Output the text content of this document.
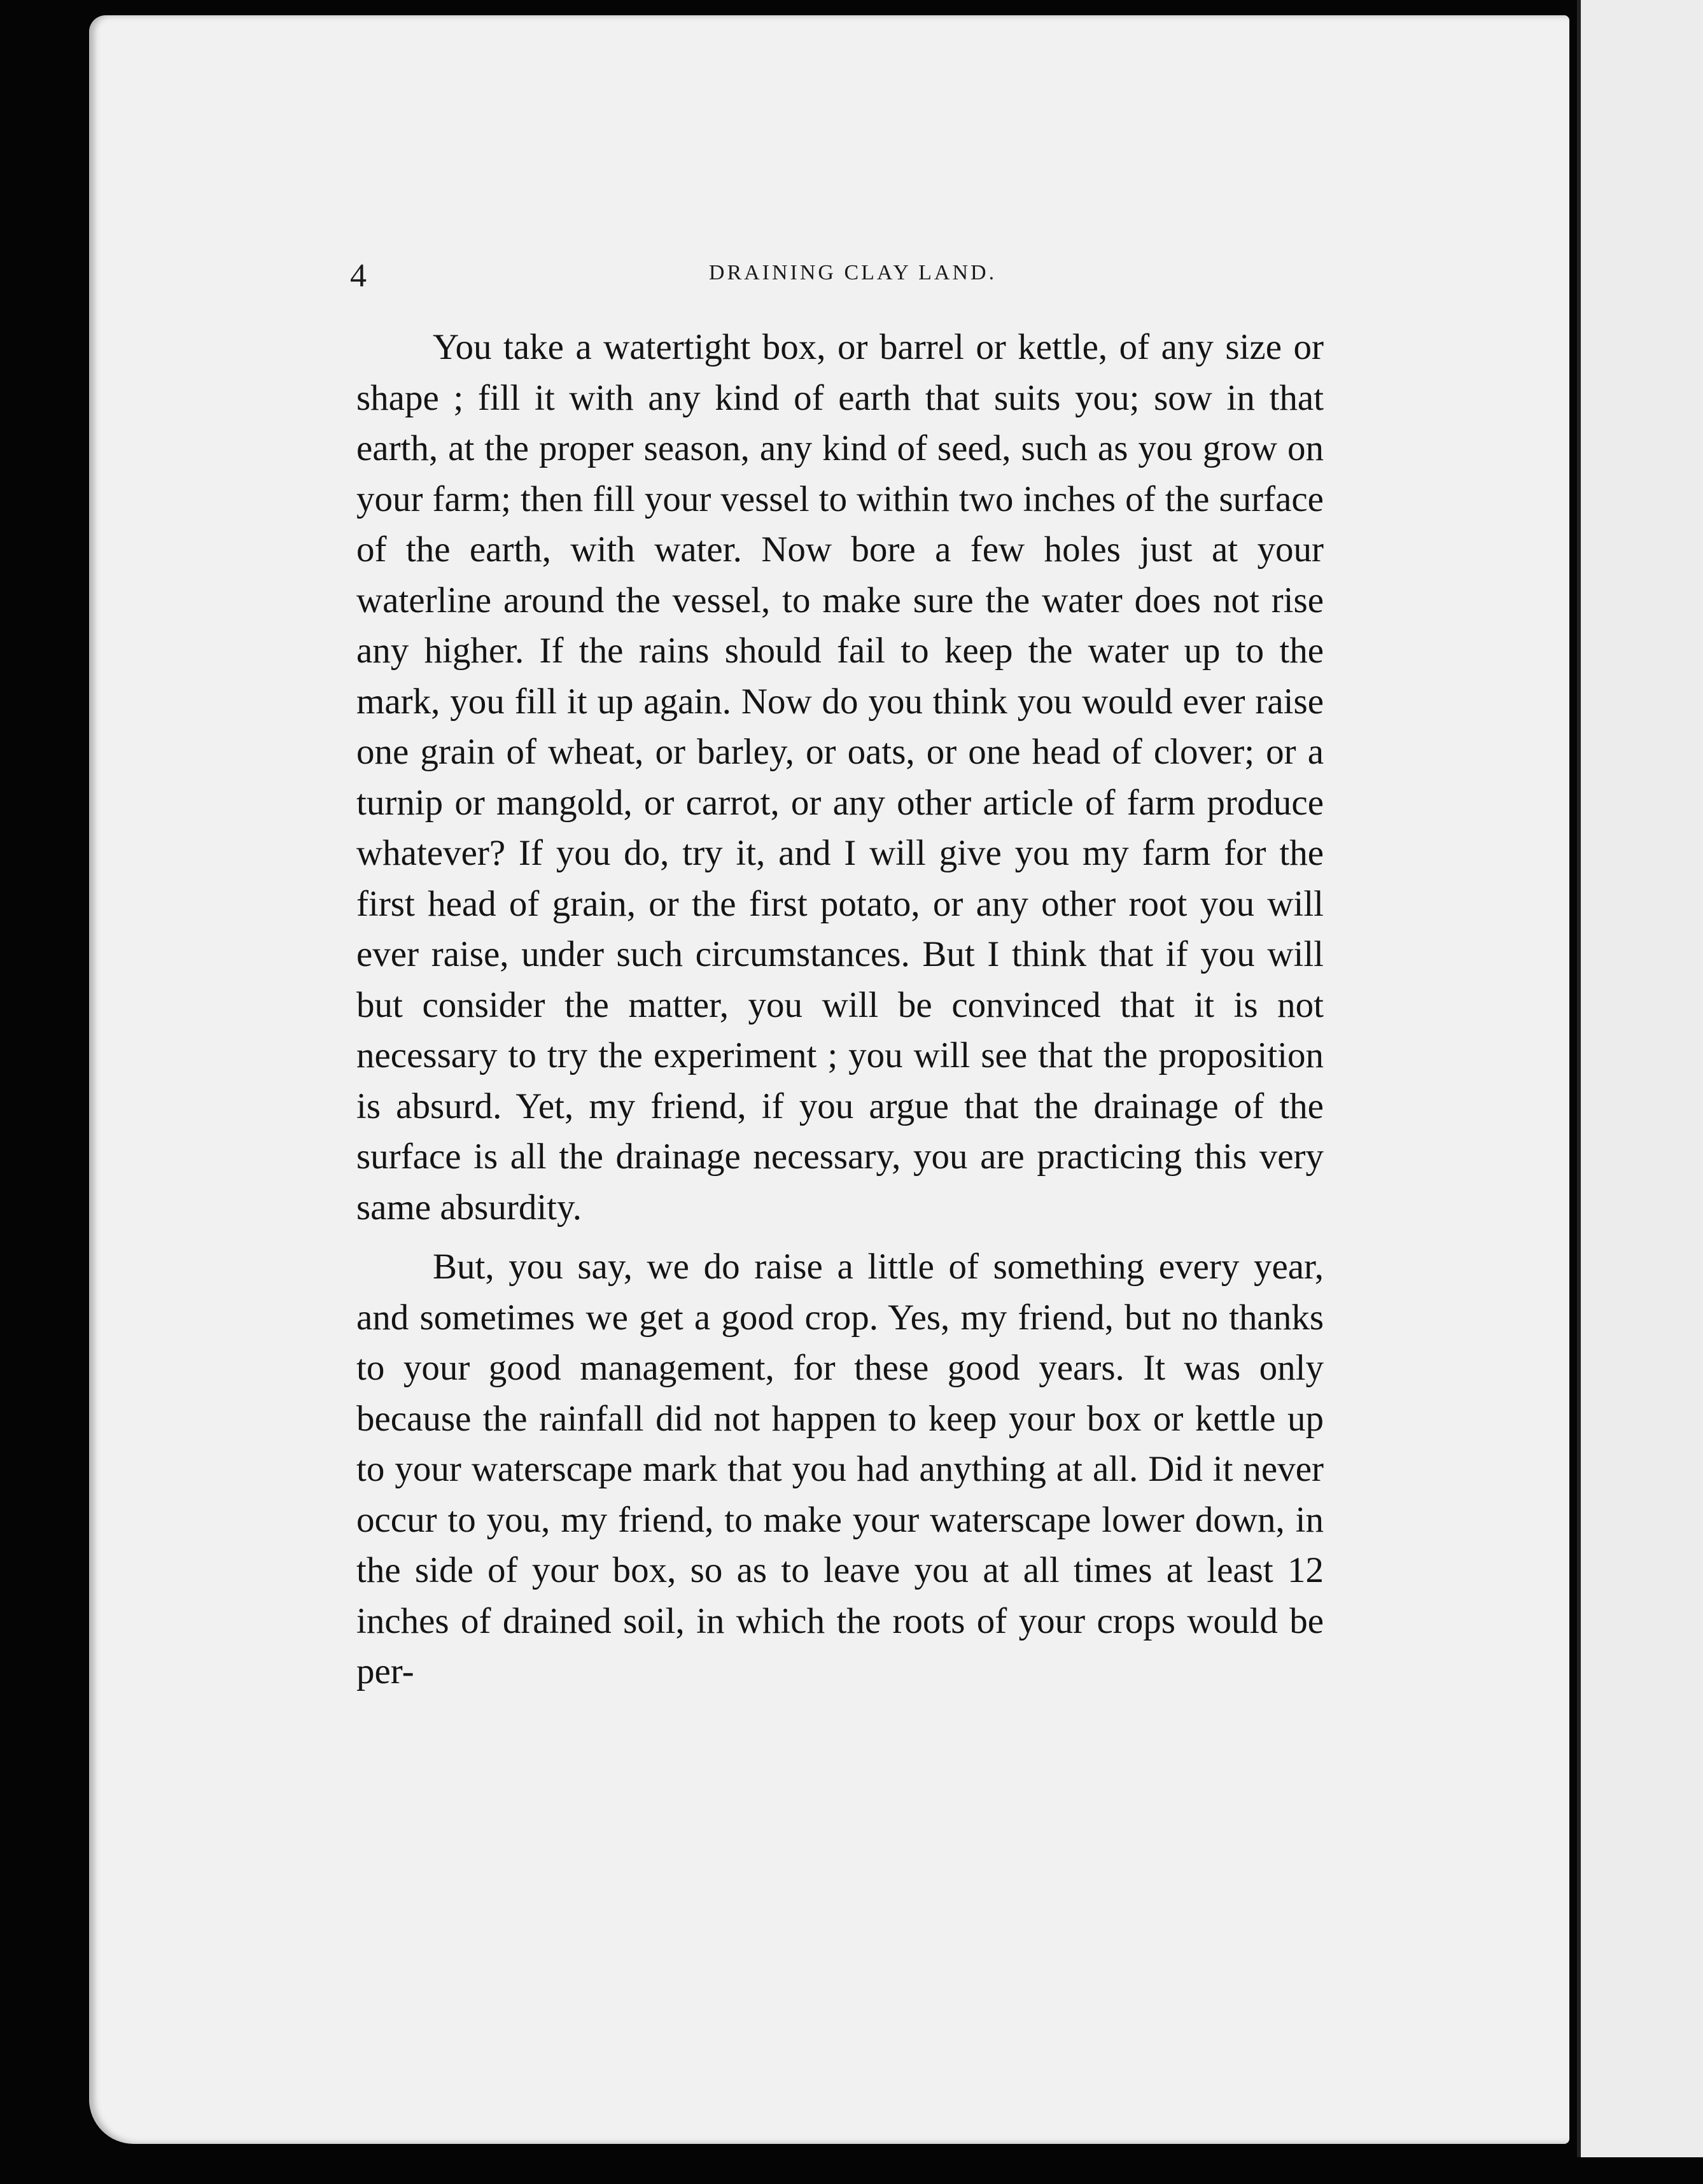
4	DRAINING CLAY LAND.

You take a watertight box, or barrel or kettle, of any size or shape ; fill it with any kind of earth that suits you; sow in that earth, at the proper season, any kind of seed, such as you grow on your farm; then fill your vessel to within two inches of the surface of the earth, with water. Now bore a few holes just at your waterline around the vessel, to make sure the water does not rise any higher. If the rains should fail to keep the water up to the mark, you fill it up again. Now do you think you would ever raise one grain of wheat, or barley, or oats, or one head of clover; or a turnip or mangold, or carrot, or any other article of farm produce whatever? If you do, try it, and I will give you my farm for the first head of grain, or the first potato, or any other root you will ever raise, under such circumstances. But I think that if you will but consider the matter, you will be convinced that it is not necessary to try the experiment ; you will see that the proposition is absurd. Yet, my friend, if you argue that the drainage of the surface is all the drainage necessary, you are practicing this very same absurdity.

But, you say, we do raise a little of something every year, and sometimes we get a good crop. Yes, my friend, but no thanks to your good management, for these good years. It was only because the rainfall did not happen to keep your box or kettle up to your waterscape mark that you had anything at all. Did it never occur to you, my friend, to make your waterscape lower down, in the side of your box, so as to leave you at all times at least 12 inches of drained soil, in which the roots of your crops would be per-
